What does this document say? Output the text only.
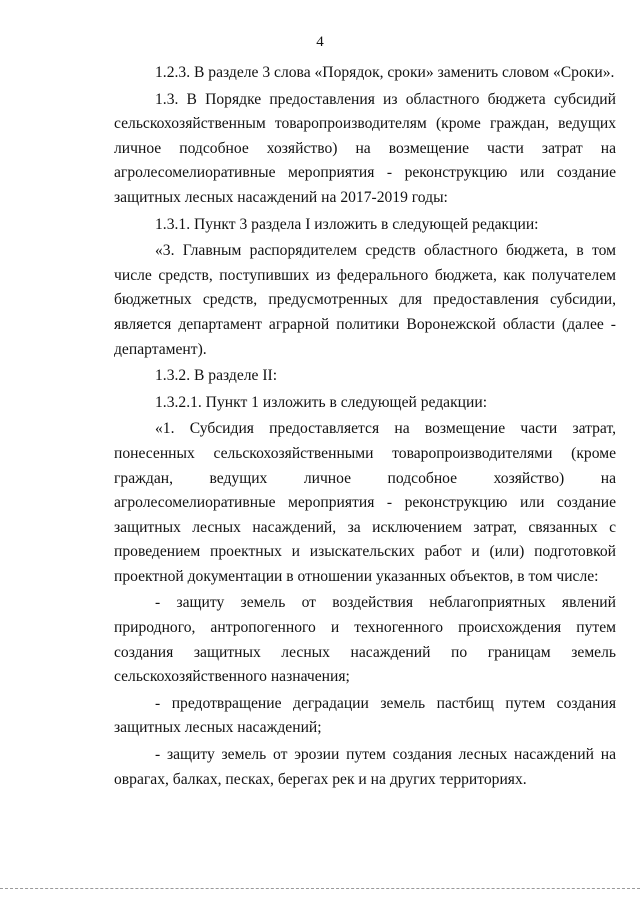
4

1.2.3. В разделе 3 слова «Порядок, сроки» заменить словом «Сроки».

1.3. В Порядке предоставления из областного бюджета субсидий сельскохозяйственным товаропроизводителям (кроме граждан, ведущих личное подсобное хозяйство) на возмещение части затрат на агролесомелиоративные мероприятия - реконструкцию или создание защитных лесных насаждений на 2017-2019 годы:

1.3.1. Пункт 3 раздела I изложить в следующей редакции:

«3. Главным распорядителем средств областного бюджета, в том числе средств, поступивших из федерального бюджета, как получателем бюджетных средств, предусмотренных для предоставления субсидии, является департамент аграрной политики Воронежской области (далее - департамент).

1.3.2. В разделе II:

1.3.2.1. Пункт 1 изложить в следующей редакции:

«1. Субсидия предоставляется на возмещение части затрат, понесенных сельскохозяйственными товаропроизводителями (кроме граждан, ведущих личное подсобное хозяйство) на агролесомелиоративные мероприятия - реконструкцию или создание защитных лесных насаждений, за исключением затрат, связанных с проведением проектных и изыскательских работ и (или) подготовкой проектной документации в отношении указанных объектов, в том числе:

- защиту земель от воздействия неблагоприятных явлений природного, антропогенного и техногенного происхождения путем создания защитных лесных насаждений по границам земель сельскохозяйственного назначения;

- предотвращение деградации земель пастбищ путем создания защитных лесных насаждений;

- защиту земель от эрозии путем создания лесных насаждений на оврагах, балках, песках, берегах рек и на других территориях.
